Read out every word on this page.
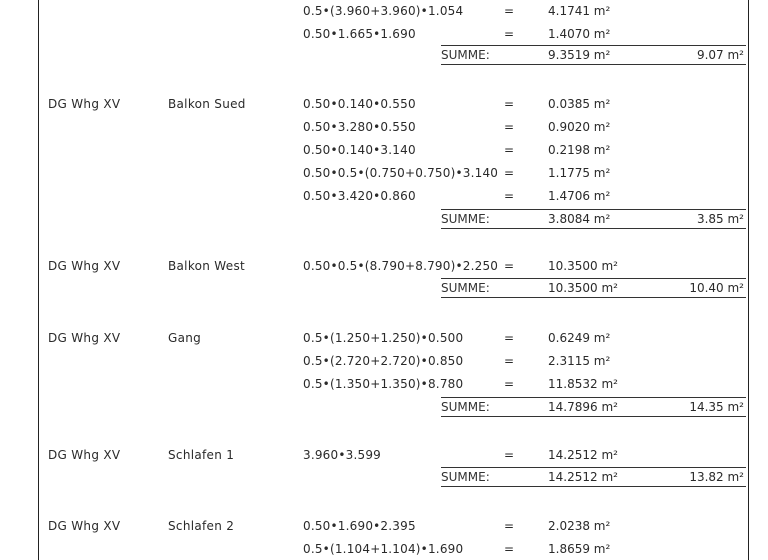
0.5•(3.960+3.960)•1.054	=	4.1741 m²
0.50•1.665•1.690	=	1.4070 m²
SUMME:	9.3519 m²	9.07 m²
DG Whg XV	Balkon Sued	0.50•0.140•0.550	=	0.0385 m²
0.50•3.280•0.550	=	0.9020 m²
0.50•0.140•3.140	=	0.2198 m²
0.50•0.5•(0.750+0.750)•3.140 =	1.1775 m²
0.50•3.420•0.860	=	1.4706 m²
SUMME:	3.8084 m²	3.85 m²
DG Whg XV	Balkon West	0.50•0.5•(8.790+8.790)•2.250 =	10.3500 m²
SUMME:	10.3500 m²	10.40 m²
DG Whg XV	Gang	0.5•(1.250+1.250)•0.500	=	0.6249 m²
0.5•(2.720+2.720)•0.850	=	2.3115 m²
0.5•(1.350+1.350)•8.780	=	11.8532 m²
SUMME:	14.7896 m²	14.35 m²
DG Whg XV	Schlafen 1	3.960•3.599	=	14.2512 m²
SUMME:	14.2512 m²	13.82 m²
DG Whg XV	Schlafen 2	0.50•1.690•2.395	=	2.0238 m²
0.5•(1.104+1.104)•1.690	=	1.8659 m²
